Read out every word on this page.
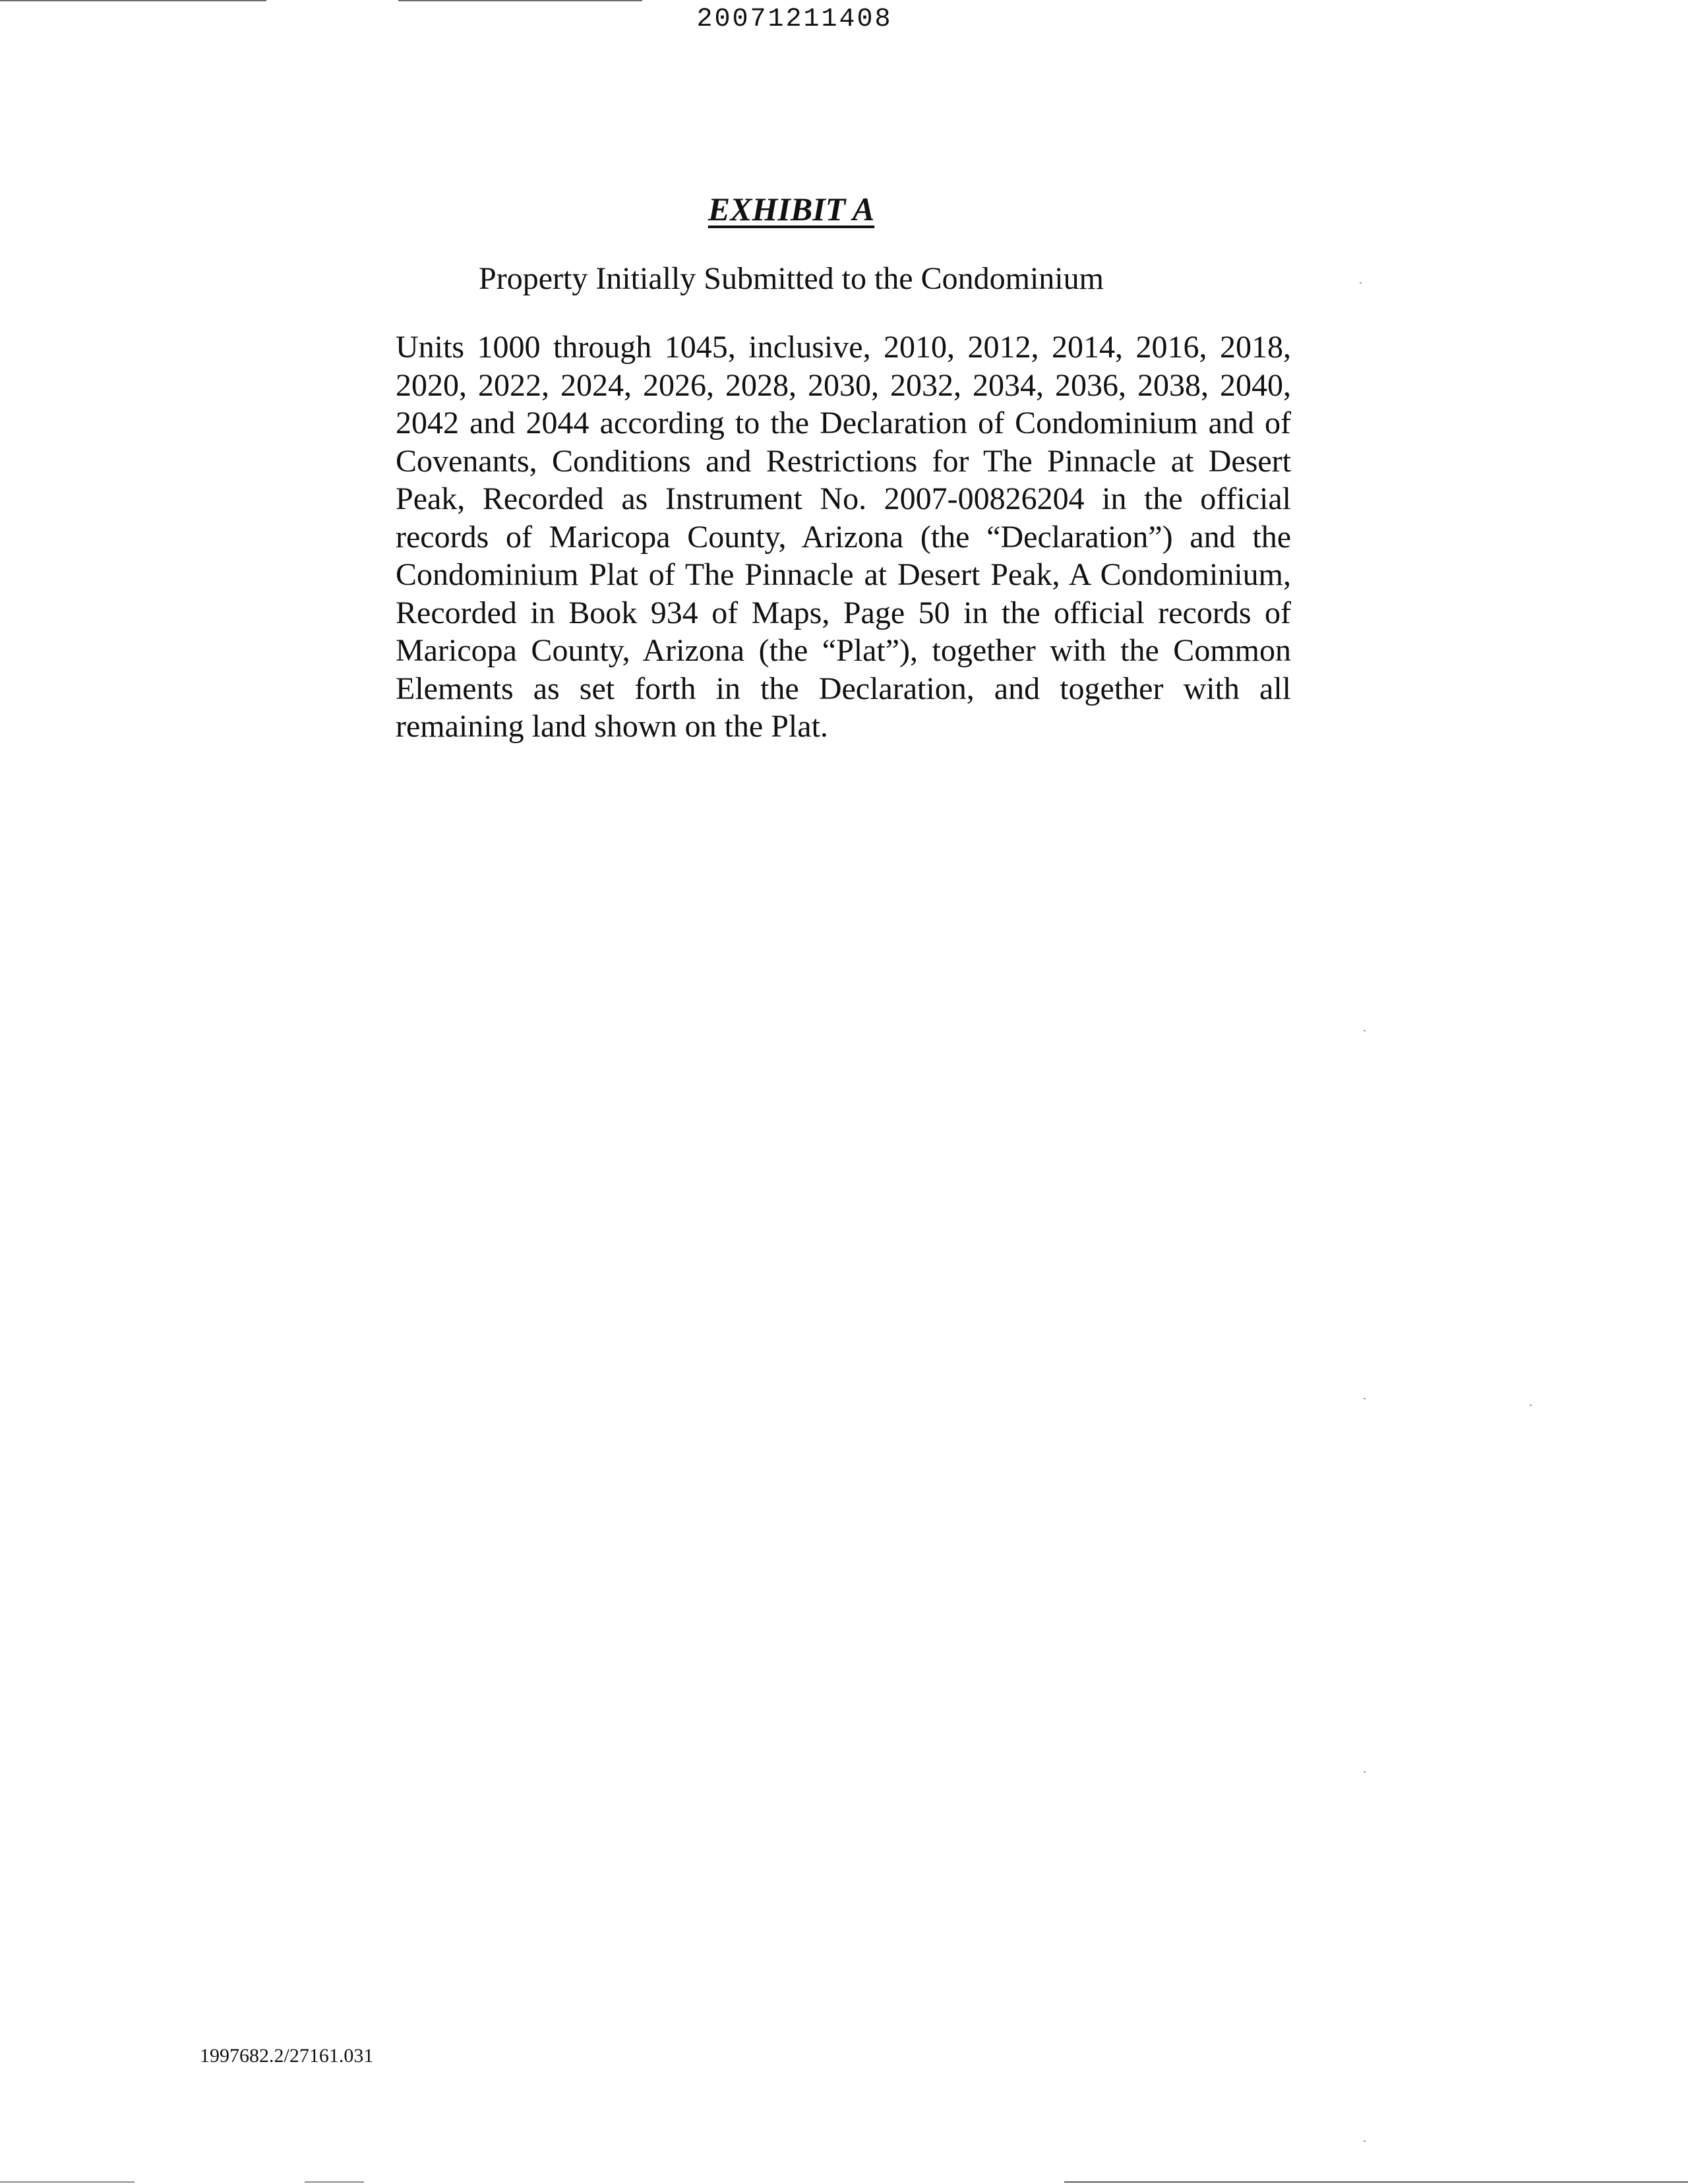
20071211408
EXHIBIT A
Property Initially Submitted to the Condominium

Units 1000 through 1045, inclusive, 2010, 2012, 2014, 2016, 2018, 2020, 2022, 2024, 2026, 2028, 2030, 2032, 2034, 2036, 2038, 2040, 2042 and 2044 according to the Declaration of Condominium and of Covenants, Conditions and Restrictions for The Pinnacle at Desert Peak, Recorded as Instrument No. 2007-00826204 in the official records of Maricopa County, Arizona (the “Declaration”) and the Condominium Plat of The Pinnacle at Desert Peak, A Condominium, Recorded in Book 934 of Maps, Page 50 in the official records of Maricopa County, Arizona (the “Plat”), together with the Common Elements as set forth in the Declaration, and together with all remaining land shown on the Plat.

1997682.2/27161.031
